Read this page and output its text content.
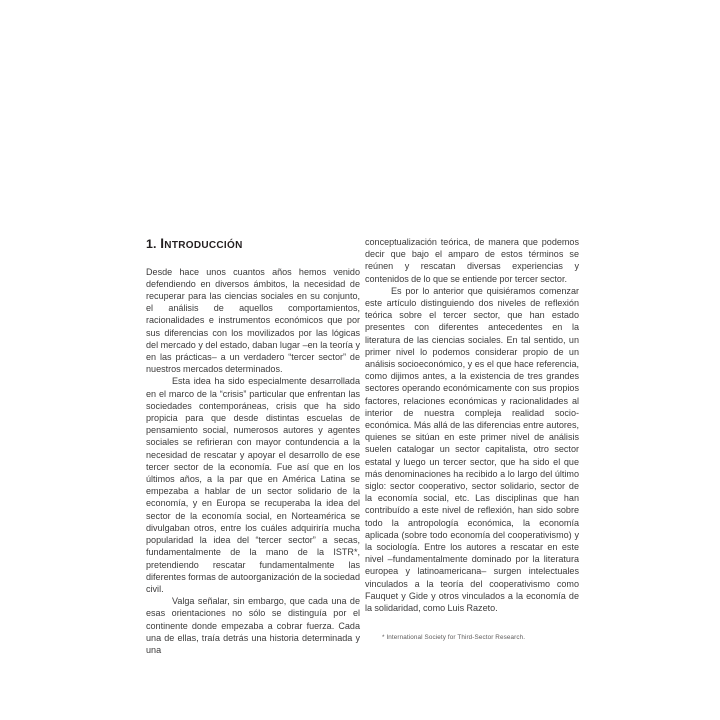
1. Introducción

Desde hace unos cuantos años hemos venido defendiendo en diversos ámbitos, la necesidad de recuperar para las ciencias sociales en su conjunto, el análisis de aquellos comportamientos, racionalidades e instrumentos económicos que por sus diferencias con los movilizados por las lógicas del mercado y del estado, daban lugar –en la teoría y en las prácticas– a un verdadero “tercer sector” de nuestros mercados determinados.

Esta idea ha sido especialmente desarrollada en el marco de la “crisis” particular que enfrentan las sociedades contemporáneas, crisis que ha sido propicia para que desde distintas escuelas de pensamiento social, numerosos autores y agentes sociales se refirieran con mayor contundencia a la necesidad de rescatar y apoyar el desarrollo de ese tercer sector de la economía. Fue así que en los últimos años, a la par que en América Latina se empezaba a hablar de un sector solidario de la economía, y en Europa se recuperaba la idea del sector de la economía social, en Norteamérica se divulgaban otros, entre los cuáles adquiriría mucha popularidad la idea del “tercer sector” a secas, fundamentalmente de la mano de la ISTR*, pretendiendo rescatar fundamentalmente las diferentes formas de autoorganización de la sociedad civil.

Valga señalar, sin embargo, que cada una de esas orientaciones no sólo se distinguía por el continente donde empezaba a cobrar fuerza. Cada una de ellas, traía detrás una historia determinada y una

conceptualización teórica, de manera que podemos decir que bajo el amparo de estos términos se reúnen y rescatan diversas experiencias y contenidos de lo que se entiende por tercer sector.

Es por lo anterior que quisiéramos comenzar este artículo distinguiendo dos niveles de reflexión teórica sobre el tercer sector, que han estado presentes con diferentes antecedentes en la literatura de las ciencias sociales. En tal sentido, un primer nivel lo podemos considerar propio de un análisis socioeconómico, y es el que hace referencia, como dijimos antes, a la existencia de tres grandes sectores operando económicamente con sus propios factores, relaciones económicas y racionalidades al interior de nuestra compleja realidad socio-económica. Más allá de las diferencias entre autores, quienes se sitúan en este primer nivel de análisis suelen catalogar un sector capitalista, otro sector estatal y luego un tercer sector, que ha sido el que más denominaciones ha recibido a lo largo del último siglo: sector cooperativo, sector solidario, sector de la economía social, etc. Las disciplinas que han contribuído a este nivel de reflexión, han sido sobre todo la antropología económica, la economía aplicada (sobre todo economía del cooperativismo) y la sociología. Entre los autores a rescatar en este nivel –fundamentalmente dominado por la literatura europea y latinoamericana– surgen intelectuales vinculados a la teoría del cooperativismo como Fauquet y Gide y otros vinculados a la economía de la solidaridad, como Luis Razeto.

* International Society for Third-Sector Research.
